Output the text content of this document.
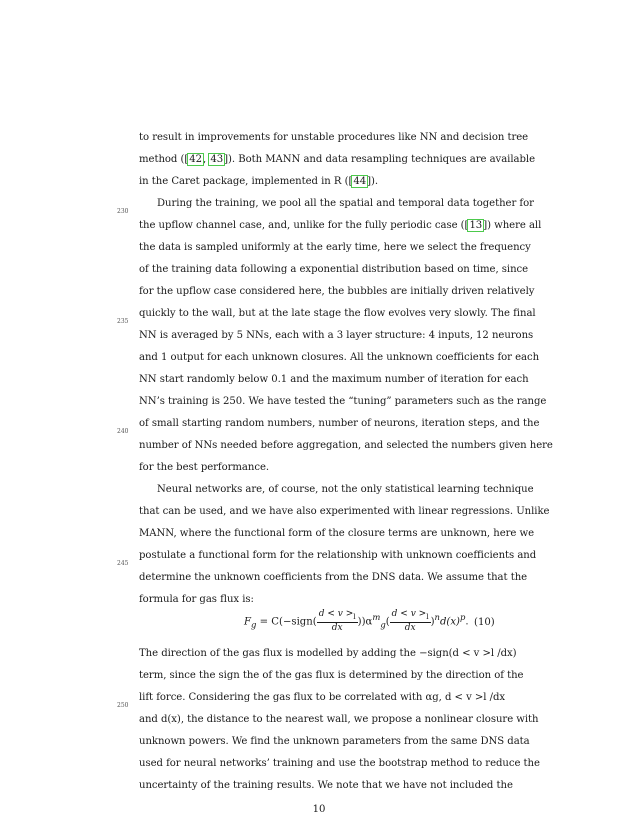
to result in improvements for unstable procedures like NN and decision tree
method ([42, 43]). Both MANN and data resampling techniques are available
in the Caret package, implemented in R ([44]).
During the training, we pool all the spatial and temporal data together for
the upflow channel case, and, unlike for the fully periodic case ([13]) where all
the data is sampled uniformly at the early time, here we select the frequency
of the training data following a exponential distribution based on time, since
for the upflow case considered here, the bubbles are initially driven relatively
quickly to the wall, but at the late stage the flow evolves very slowly. The final
NN is averaged by 5 NNs, each with a 3 layer structure: 4 inputs, 12 neurons
and 1 output for each unknown closures. All the unknown coefficients for each
NN start randomly below 0.1 and the maximum number of iteration for each
NN’s training is 250. We have tested the “tuning” parameters such as the range
of small starting random numbers, number of neurons, iteration steps, and the
number of NNs needed before aggregation, and selected the numbers given here
for the best performance.
Neural networks are, of course, not the only statistical learning technique
that can be used, and we have also experimented with linear regressions. Unlike
MANN, where the functional form of the closure terms are unknown, here we
postulate a functional form for the relationship with unknown coefficients and
determine the unknown coefficients from the DNS data. We assume that the
formula for gas flux is:
$F_g$ = C(−sign( $\frac{d < v >_l}{dx} ))\alpha^m_g( \frac{d < v >_l}{dx} )^nd(x)^p$. (10)
The direction of the gas flux is modelled by adding the −sign(d < v >l /dx)
term, since the sign the of the gas flux is determined by the direction of the
lift force. Considering the gas flux to be correlated with αg, d < v >l /dx
and d(x), the distance to the nearest wall, we propose a nonlinear closure with
unknown powers. We find the unknown parameters from the same DNS data
used for neural networks’ training and use the bootstrap method to reduce the
uncertainty of the training results. We note that we have not included the
230
235
240
245
250
10
